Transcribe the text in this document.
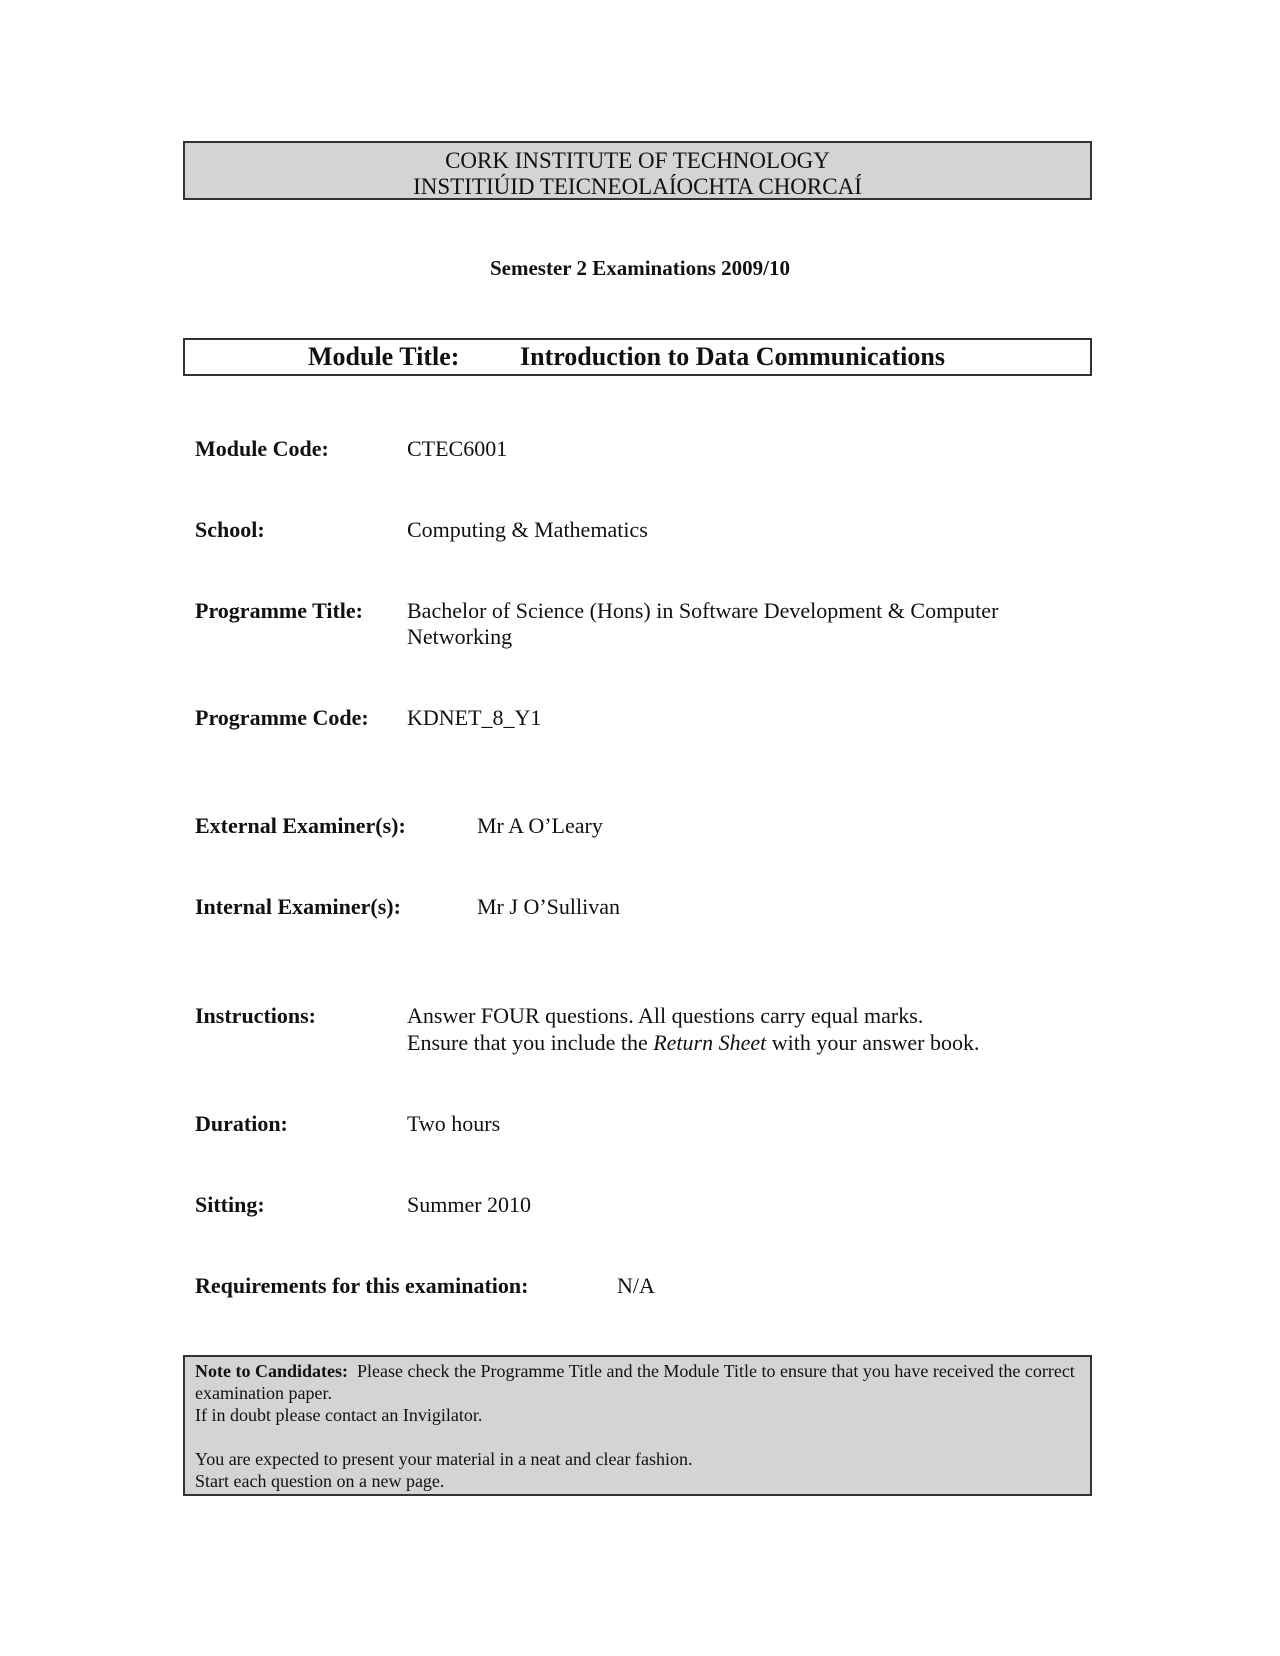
CORK INSTITUTE OF TECHNOLOGY
INSTITIÚID TEICNEOLAÍOCHTA CHORCAÍ
Semester 2 Examinations 2009/10
Module Title: Introduction to Data Communications
Module Code:	CTEC6001
School:	Computing & Mathematics
Programme Title: Bachelor of Science (Hons) in Software Development & Computer
Networking
Programme Code: KDNET_8_Y1
External Examiner(s):	Mr A O’Leary
Internal Examiner(s):	Mr J O’Sullivan
Instructions:	Answer FOUR questions. All questions carry equal marks.
Ensure that you include the Return Sheet with your answer book.
Duration:	Two hours
Sitting:	Summer 2010
Requirements for this examination:	N/A
Note to Candidates: Please check the Programme Title and the Module Title to ensure that you have received the correct examination paper.
If in doubt please contact an Invigilator.
You are expected to present your material in a neat and clear fashion.
Start each question on a new page.
